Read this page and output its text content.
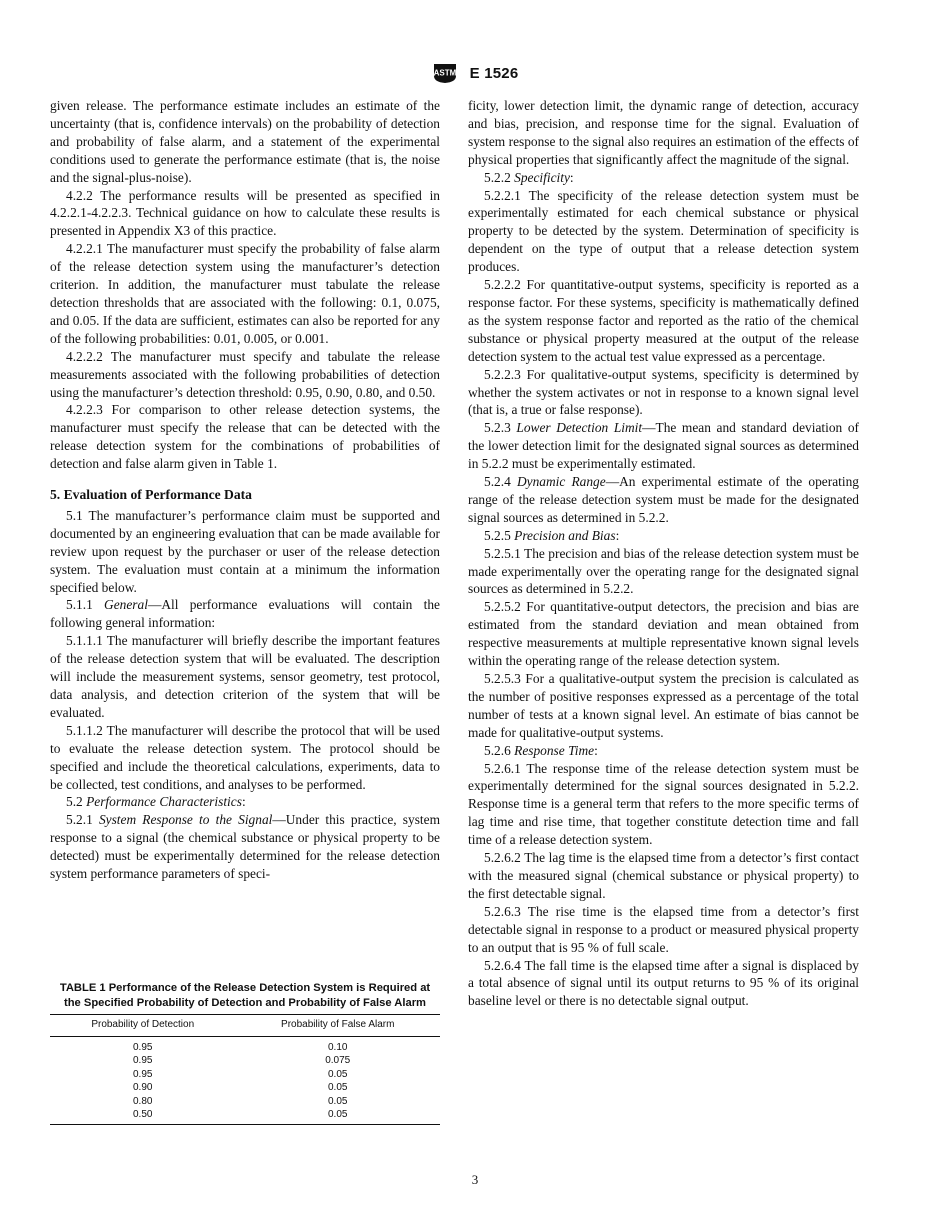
ASTM E 1526

given release. The performance estimate includes an estimate of the uncertainty (that is, confidence intervals) on the probability of detection and probability of false alarm, and a statement of the experimental conditions used to generate the performance estimate (that is, the noise and the signal-plus-noise).

4.2.2 The performance results will be presented as specified in 4.2.2.1-4.2.2.3. Technical guidance on how to calculate these results is presented in Appendix X3 of this practice.

4.2.2.1 The manufacturer must specify the probability of false alarm of the release detection system using the manufacturer’s detection criterion. In addition, the manufacturer must tabulate the release detection thresholds that are associated with the following: 0.1, 0.075, and 0.05. If the data are sufficient, estimates can also be reported for any of the following probabilities: 0.01, 0.005, or 0.001.

4.2.2.2 The manufacturer must specify and tabulate the release measurements associated with the following probabilities of detection using the manufacturer’s detection threshold: 0.95, 0.90, 0.80, and 0.50.

4.2.2.3 For comparison to other release detection systems, the manufacturer must specify the release that can be detected with the release detection system for the combinations of probabilities of detection and false alarm given in Table 1.

5. Evaluation of Performance Data

5.1 The manufacturer’s performance claim must be supported and documented by an engineering evaluation that can be made available for review upon request by the purchaser or user of the release detection system. The evaluation must contain at a minimum the information specified below.

5.1.1 General—All performance evaluations will contain the following general information:

5.1.1.1 The manufacturer will briefly describe the important features of the release detection system that will be evaluated. The description will include the measurement systems, sensor geometry, test protocol, data analysis, and detection criterion of the system that will be evaluated.

5.1.1.2 The manufacturer will describe the protocol that will be used to evaluate the release detection system. The protocol should be specified and include the theoretical calculations, experiments, data to be collected, test conditions, and analyses to be performed.

5.2 Performance Characteristics:

5.2.1 System Response to the Signal—Under this practice, system response to a signal (the chemical substance or physical property to be detected) must be experimentally determined for the release detection system performance parameters of speci-

TABLE 1 Performance of the Release Detection System is Required at the Specified Probability of Detection and Probability of False Alarm
Probability of Detection	Probability of False Alarm
0.95	0.10
0.95	0.075
0.95	0.05
0.90	0.05
0.80	0.05
0.50	0.05

ficity, lower detection limit, the dynamic range of detection, accuracy and bias, precision, and response time for the signal. Evaluation of system response to the signal also requires an estimation of the effects of physical properties that significantly affect the magnitude of the signal.

5.2.2 Specificity:

5.2.2.1 The specificity of the release detection system must be experimentally estimated for each chemical substance or physical property to be detected by the system. Determination of specificity is dependent on the type of output that a release detection system produces.

5.2.2.2 For quantitative-output systems, specificity is reported as a response factor. For these systems, specificity is mathematically defined as the system response factor and reported as the ratio of the chemical substance or physical property measured at the output of the release detection system to the actual test value expressed as a percentage.

5.2.2.3 For qualitative-output systems, specificity is determined by whether the system activates or not in response to a known signal level (that is, a true or false response).

5.2.3 Lower Detection Limit—The mean and standard deviation of the lower detection limit for the designated signal sources as determined in 5.2.2 must be experimentally estimated.

5.2.4 Dynamic Range—An experimental estimate of the operating range of the release detection system must be made for the designated signal sources as determined in 5.2.2.

5.2.5 Precision and Bias:

5.2.5.1 The precision and bias of the release detection system must be made experimentally over the operating range for the designated signal sources as determined in 5.2.2.

5.2.5.2 For quantitative-output detectors, the precision and bias are estimated from the standard deviation and mean obtained from respective measurements at multiple representative known signal levels within the operating range of the release detection system.

5.2.5.3 For a qualitative-output system the precision is calculated as the number of positive responses expressed as a percentage of the total number of tests at a known signal level. An estimate of bias cannot be made for qualitative-output systems.

5.2.6 Response Time:

5.2.6.1 The response time of the release detection system must be experimentally determined for the signal sources designated in 5.2.2. Response time is a general term that refers to the more specific terms of lag time and rise time, that together constitute detection time and fall time of a release detection system.

5.2.6.2 The lag time is the elapsed time from a detector’s first contact with the measured signal (chemical substance or physical property) to the first detectable signal.

5.2.6.3 The rise time is the elapsed time from a detector’s first detectable signal in response to a product or measured physical property to an output that is 95 % of full scale.

5.2.6.4 The fall time is the elapsed time after a signal is displaced by a total absence of signal until its output returns to 95 % of its original baseline level or there is no detectable signal output.

3
